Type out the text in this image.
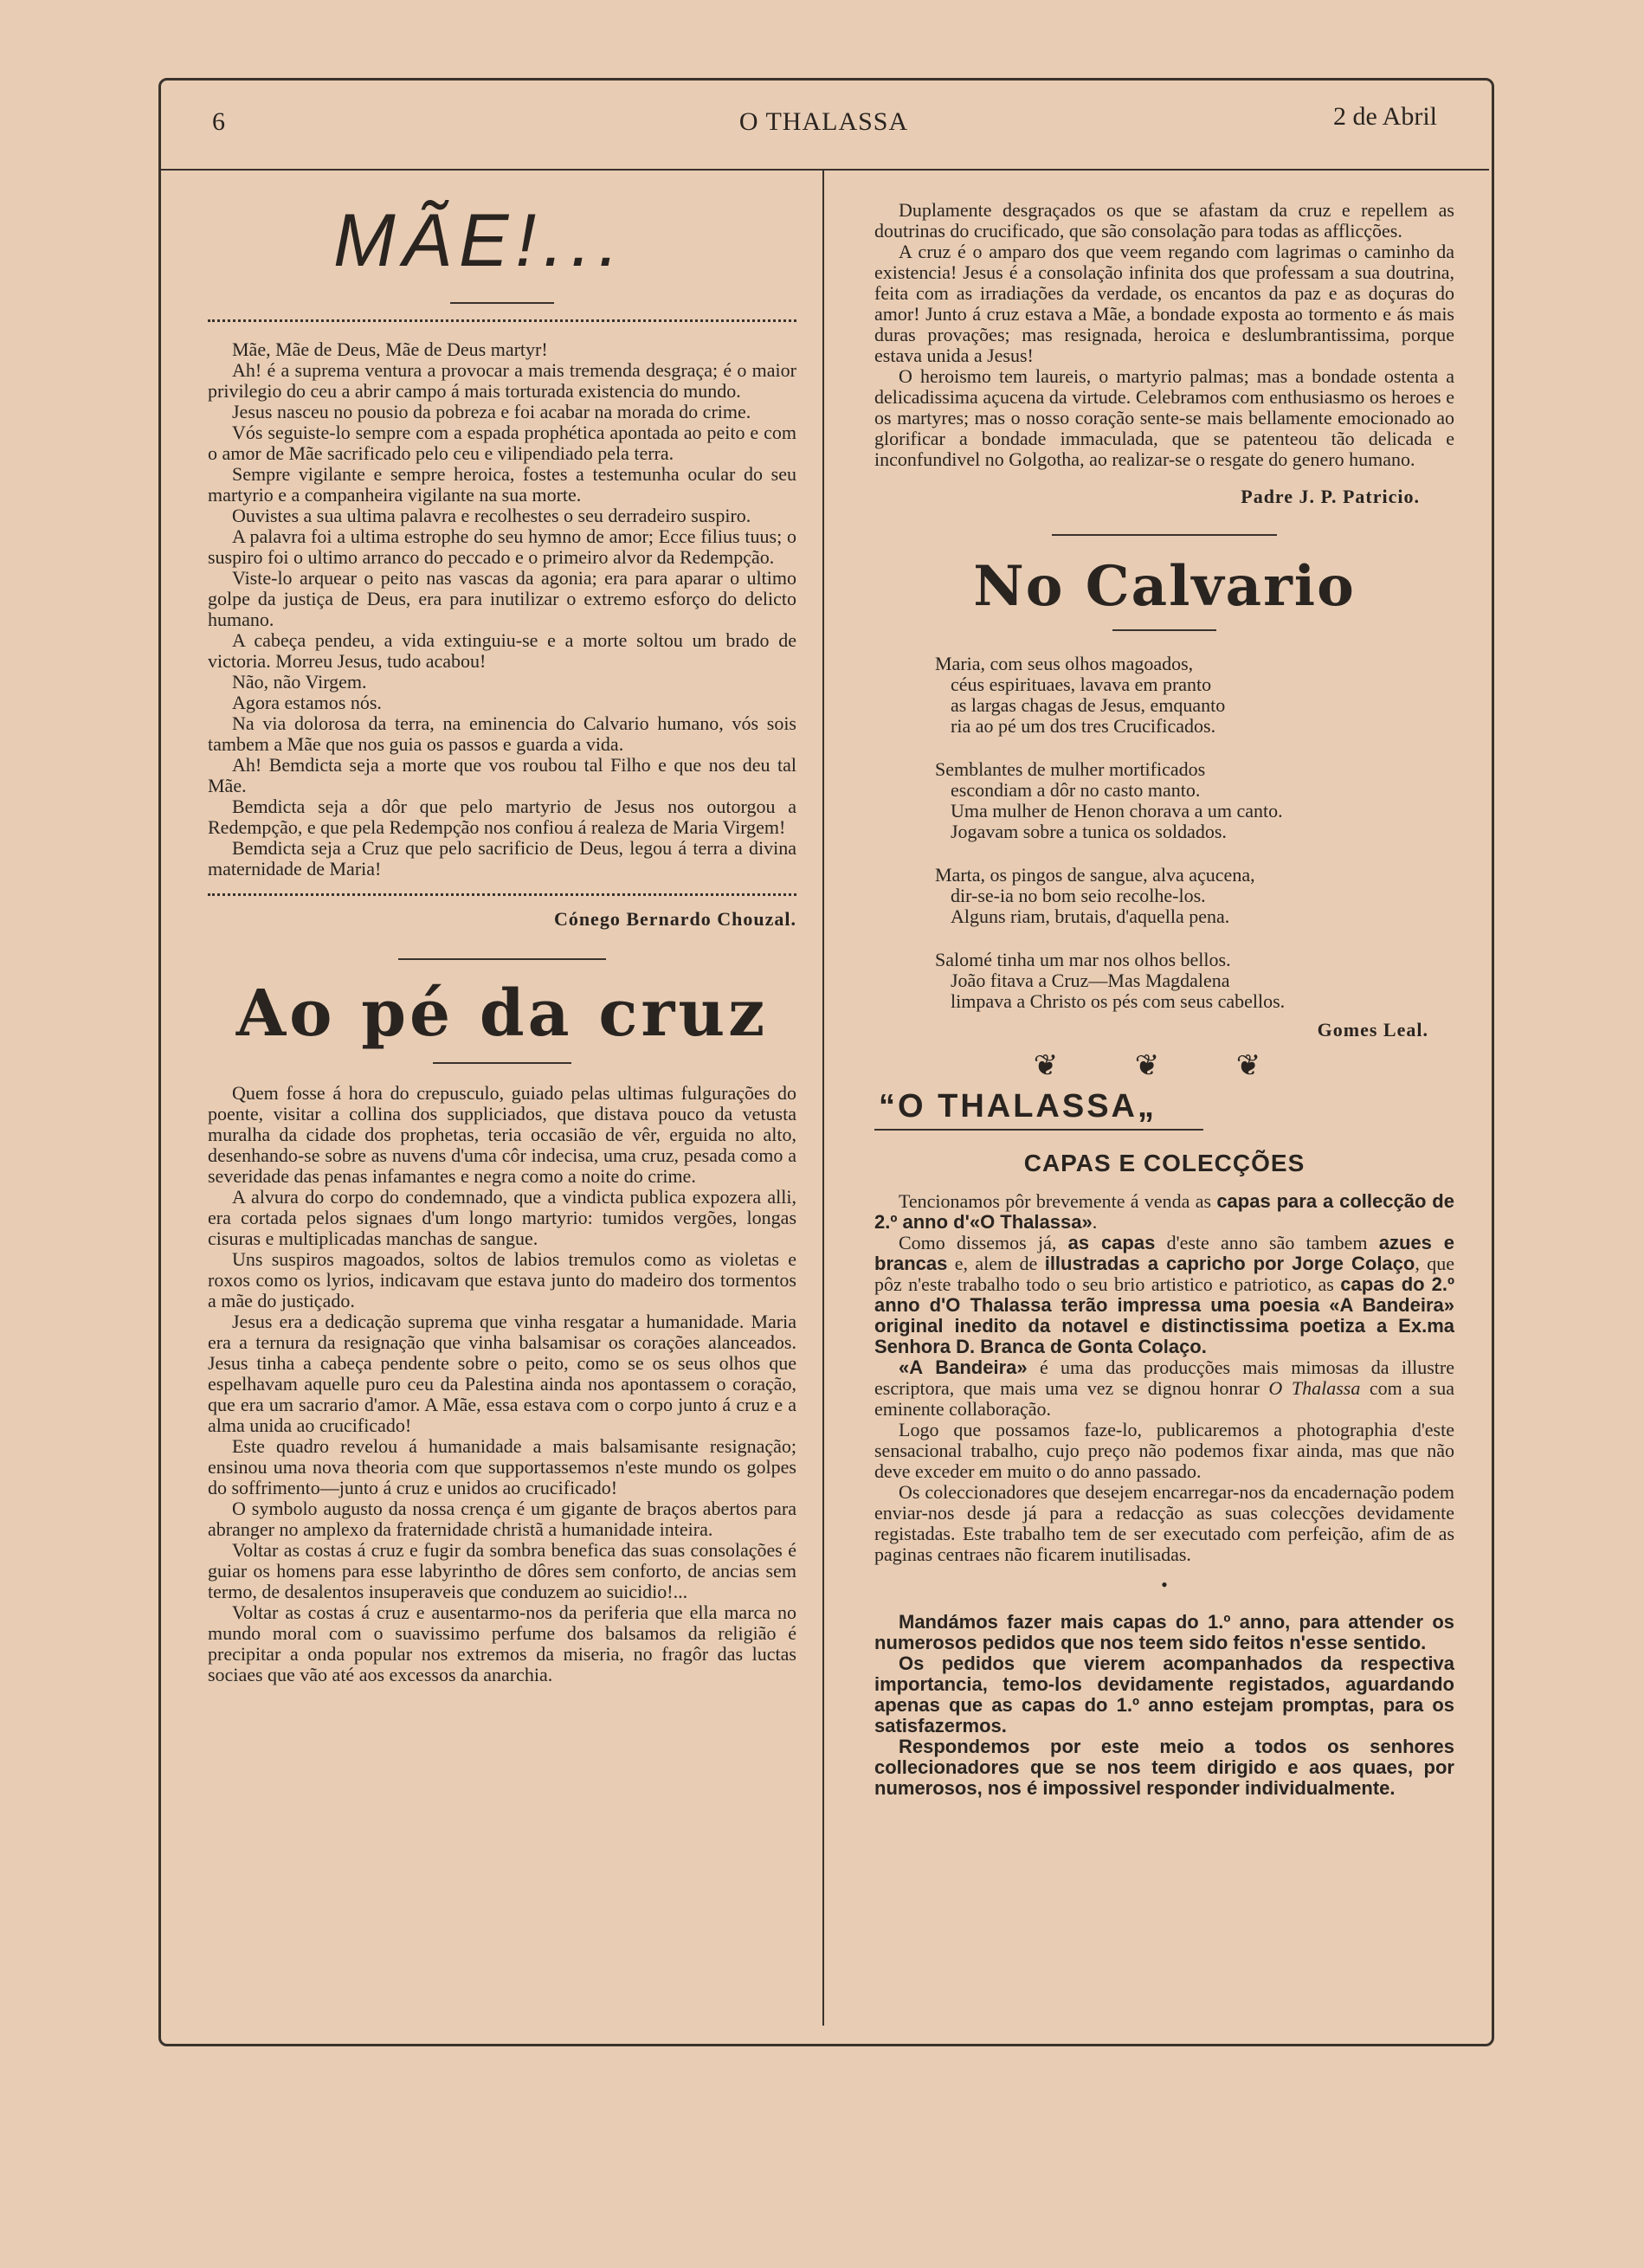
6	O THALASSA	2 de Abril
MÃE!...

Mãe, Mãe de Deus, Mãe de Deus martyr!

Ah! é a suprema ventura a provocar a mais tremenda desgraça; é o maior privilegio do ceu a abrir campo á mais torturada existencia do mundo.

Jesus nasceu no pousio da pobreza e foi acabar na morada do crime.

Vós seguiste-lo sempre com a espada prophética apontada ao peito e com o amor de Mãe sacrificado pelo ceu e vilipendiado pela terra.

Sempre vigilante e sempre heroica, fostes a testemunha ocular do seu martyrio e a companheira vigilante na sua morte.

Ouvistes a sua ultima palavra e recolhestes o seu derradeiro suspiro.

A palavra foi a ultima estrophe do seu hymno de amor; Ecce filius tuus; o suspiro foi o ultimo arranco do peccado e o primeiro alvor da Redempção.

Viste-lo arquear o peito nas vascas da agonia; era para aparar o ultimo golpe da justiça de Deus, era para inutilizar o extremo esforço do delicto humano.

A cabeça pendeu, a vida extinguiu-se e a morte soltou um brado de victoria. Morreu Jesus, tudo acabou!

Não, não Virgem.

Agora estamos nós.

Na via dolorosa da terra, na eminencia do Calvario humano, vós sois tambem a Mãe que nos guia os passos e guarda a vida.

Ah! Bemdicta seja a morte que vos roubou tal Filho e que nos deu tal Mãe.

Bemdicta seja a dôr que pelo martyrio de Jesus nos outorgou a Redempção, e que pela Redempção nos confiou á realeza de Maria Virgem!

Bemdicta seja a Cruz que pelo sacrificio de Deus, legou á terra a divina maternidade de Maria!

Cónego Bernardo Chouzal.
Ao pé da cruz

Quem fosse á hora do crepusculo, guiado pelas ultimas fulgurações do poente, visitar a collina dos suppliciados, que distava pouco da vetusta muralha da cidade dos prophetas, teria occasião de vêr, erguida no alto, desenhando-se sobre as nuvens d'uma côr indecisa, uma cruz, pesada como a severidade das penas infamantes e negra como a noite do crime.

A alvura do corpo do condemnado, que a vindicta publica expozera alli, era cortada pelos signaes d'um longo martyrio: tumidos vergões, longas cisuras e multiplicadas manchas de sangue.

Uns suspiros magoados, soltos de labios tremulos como as violetas e roxos como os lyrios, indicavam que estava junto do madeiro dos tormentos a mãe do justiçado.

Jesus era a dedicação suprema que vinha resgatar a humanidade. Maria era a ternura da resignação que vinha balsamisar os corações alanceados. Jesus tinha a cabeça pendente sobre o peito, como se os seus olhos que espelhavam aquelle puro ceu da Palestina ainda nos apontassem o coração, que era um sacrario d'amor. A Mãe, essa estava com o corpo junto á cruz e a alma unida ao crucificado!

Este quadro revelou á humanidade a mais balsamisante resignação; ensinou uma nova theoria com que supportassemos n'este mundo os golpes do soffrimento—junto á cruz e unidos ao crucificado!

O symbolo augusto da nossa crença é um gigante de braços abertos para abranger no amplexo da fraternidade christã a humanidade inteira.

Voltar as costas á cruz e fugir da sombra benefica das suas consolações é guiar os homens para esse labyrintho de dôres sem conforto, de ancias sem termo, de desalentos insuperaveis que conduzem ao suicidio!...

Voltar as costas á cruz e ausentarmo-nos da periferia que ella marca no mundo moral com o suavissimo perfume dos balsamos da religião é precipitar a onda popular nos extremos da miseria, no fragôr das luctas sociaes que vão até aos excessos da anarchia.

Duplamente desgraçados os que se afastam da cruz e repellem as doutrinas do crucificado, que são consolação para todas as afflicções.

A cruz é o amparo dos que veem regando com lagrimas o caminho da existencia! Jesus é a consolação infinita dos que professam a sua doutrina, feita com as irradiações da verdade, os encantos da paz e as doçuras do amor! Junto á cruz estava a Mãe, a bondade exposta ao tormento e ás mais duras provações; mas resignada, heroica e deslumbrantissima, porque estava unida a Jesus!

O heroismo tem laureis, o martyrio palmas; mas a bondade ostenta a delicadissima açucena da virtude. Celebramos com enthusiasmo os heroes e os martyres; mas o nosso coração sente-se mais bellamente emocionado ao glorificar a bondade immaculada, que se patenteou tão delicada e inconfundivel no Golgotha, ao realizar-se o resgate do genero humano.

Padre J. P. Patricio.
No Calvario
Maria, com seus olhos magoados,
céus espirituaes, lavava em pranto
as largas chagas de Jesus, emquanto
ria ao pé um dos tres Crucificados.
Semblantes de mulher mortificados
escondiam a dôr no casto manto.
Uma mulher de Henon chorava a um canto.
Jogavam sobre a tunica os soldados.
Marta, os pingos de sangue, alva açucena,
dir-se-ia no bom seio recolhe-los.
Alguns riam, brutais, d'aquella pena.
Salomé tinha um mar nos olhos bellos.
João fitava a Cruz—Mas Magdalena
limpava a Christo os pés com seus cabellos.
Gomes Leal.
❦ ❦ ❦
“O THALASSA„
CAPAS E COLECÇÕES

Tencionamos pôr brevemente á venda as capas para a collecção de 2.º anno d'«O Thalassa».

Como dissemos já, as capas d'este anno são tambem azues e brancas e, alem de illustradas a capricho por Jorge Colaço, que pôz n'este trabalho todo o seu brio artistico e patriotico, as capas do 2.º anno d'O Thalassa terão impressa uma poesia «A Bandeira» original inedito da notavel e distinctissima poetiza a Ex.ma Senhora D. Branca de Gonta Colaço.

«A Bandeira» é uma das producções mais mimosas da illustre escriptora, que mais uma vez se dignou honrar O Thalassa com a sua eminente collaboração.

Logo que possamos faze-lo, publicaremos a photographia d'este sensacional trabalho, cujo preço não podemos fixar ainda, mas que não deve exceder em muito o do anno passado.

Os coleccionadores que desejem encarregar-nos da encadernação podem enviar-nos desde já para a redacção as suas colecções devidamente registadas. Este trabalho tem de ser executado com perfeição, afim de as paginas centraes não ficarem inutilisadas.

•

Mandámos fazer mais capas do 1.º anno, para attender os numerosos pedidos que nos teem sido feitos n'esse sentido.

Os pedidos que vierem acompanhados da respectiva importancia, temo-los devidamente registados, aguardando apenas que as capas do 1.º anno estejam promptas, para os satisfazermos.

Respondemos por este meio a todos os senhores collecionadores que se nos teem dirigido e aos quaes, por numerosos, nos é impossivel responder individualmente.
